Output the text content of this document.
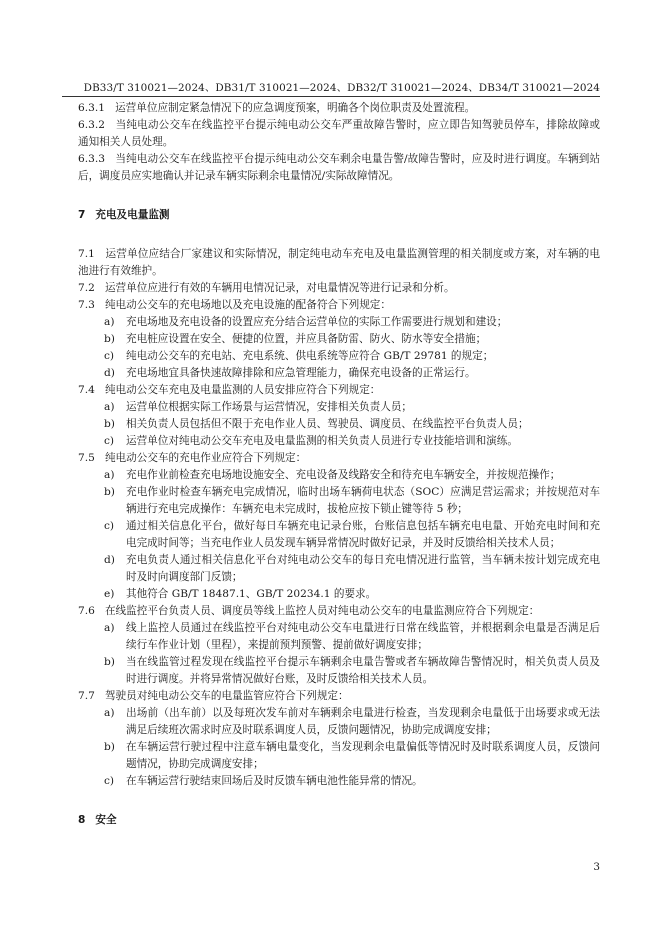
DB33/T 310021—2024、DB31/T 310021—2024、DB32/T 310021—2024、DB34/T 310021—2024
6.3.1 运营单位应制定紧急情况下的应急调度预案，明确各个岗位职责及处置流程。
6.3.2 当纯电动公交车在线监控平台提示纯电动公交车严重故障告警时，应立即告知驾驶员停车，排除故障或通知相关人员处理。
6.3.3 当纯电动公交车在线监控平台提示纯电动公交车剩余电量告警/故障告警时，应及时进行调度。车辆到站后，调度员应实地确认并记录车辆实际剩余电量情况/实际故障情况。
7 充电及电量监测
7.1 运营单位应结合厂家建议和实际情况，制定纯电动车充电及电量监测管理的相关制度或方案，对车辆的电池进行有效维护。
7.2 运营单位应进行有效的车辆用电情况记录，对电量情况等进行记录和分析。
7.3 纯电动公交车的充电场地以及充电设施的配备符合下列规定：
a) 充电场地及充电设备的设置应充分结合运营单位的实际工作需要进行规划和建设；
b) 充电桩应设置在安全、便捷的位置，并应具备防雷、防火、防水等安全措施；
c) 纯电动公交车的充电站、充电系统、供电系统等应符合 GB/T 29781 的规定；
d) 充电场地宜具备快速故障排除和应急管理能力，确保充电设备的正常运行。
7.4 纯电动公交车充电及电量监测的人员安排应符合下列规定：
a) 运营单位根据实际工作场景与运营情况，安排相关负责人员；
b) 相关负责人员包括但不限于充电作业人员、驾驶员、调度员、在线监控平台负责人员；
c) 运营单位对纯电动公交车充电及电量监测的相关负责人员进行专业技能培训和演练。
7.5 纯电动公交车的充电作业应符合下列规定：
a) 充电作业前检查充电场地设施安全、充电设备及线路安全和待充电车辆安全，并按规范操作；
b) 充电作业时检查车辆充电完成情况，临时出场车辆荷电状态（SOC）应满足营运需求；并按规范对车辆进行充电完成操作：车辆充电未完成时，拔枪应按下锁止键等待 5 秒；
c) 通过相关信息化平台，做好每日车辆充电记录台账，台账信息包括车辆充电电量、开始充电时间和充电完成时间等；当充电作业人员发现车辆异常情况时做好记录，并及时反馈给相关技术人员；
d) 充电负责人通过相关信息化平台对纯电动公交车的每日充电情况进行监管，当车辆未按计划完成充电时及时向调度部门反馈；
e) 其他符合 GB/T 18487.1、GB/T 20234.1 的要求。
7.6 在线监控平台负责人员、调度员等线上监控人员对纯电动公交车的电量监测应符合下列规定：
a) 线上监控人员通过在线监控平台对纯电动公交车电量进行日常在线监管，并根据剩余电量是否满足后续行车作业计划（里程），来提前预判预警、提前做好调度安排；
b) 当在线监管过程发现在线监控平台提示车辆剩余电量告警或者车辆故障告警情况时，相关负责人员及时进行调度。并将异常情况做好台账，及时反馈给相关技术人员。
7.7 驾驶员对纯电动公交车的电量监管应符合下列规定：
a) 出场前（出车前）以及每班次发车前对车辆剩余电量进行检查，当发现剩余电量低于出场要求或无法满足后续班次需求时应及时联系调度人员，反馈问题情况，协助完成调度安排；
b) 在车辆运营行驶过程中注意车辆电量变化，当发现剩余电量偏低等情况时及时联系调度人员，反馈问题情况，协助完成调度安排；
c) 在车辆运营行驶结束回场后及时反馈车辆电池性能异常的情况。
8 安全
3
